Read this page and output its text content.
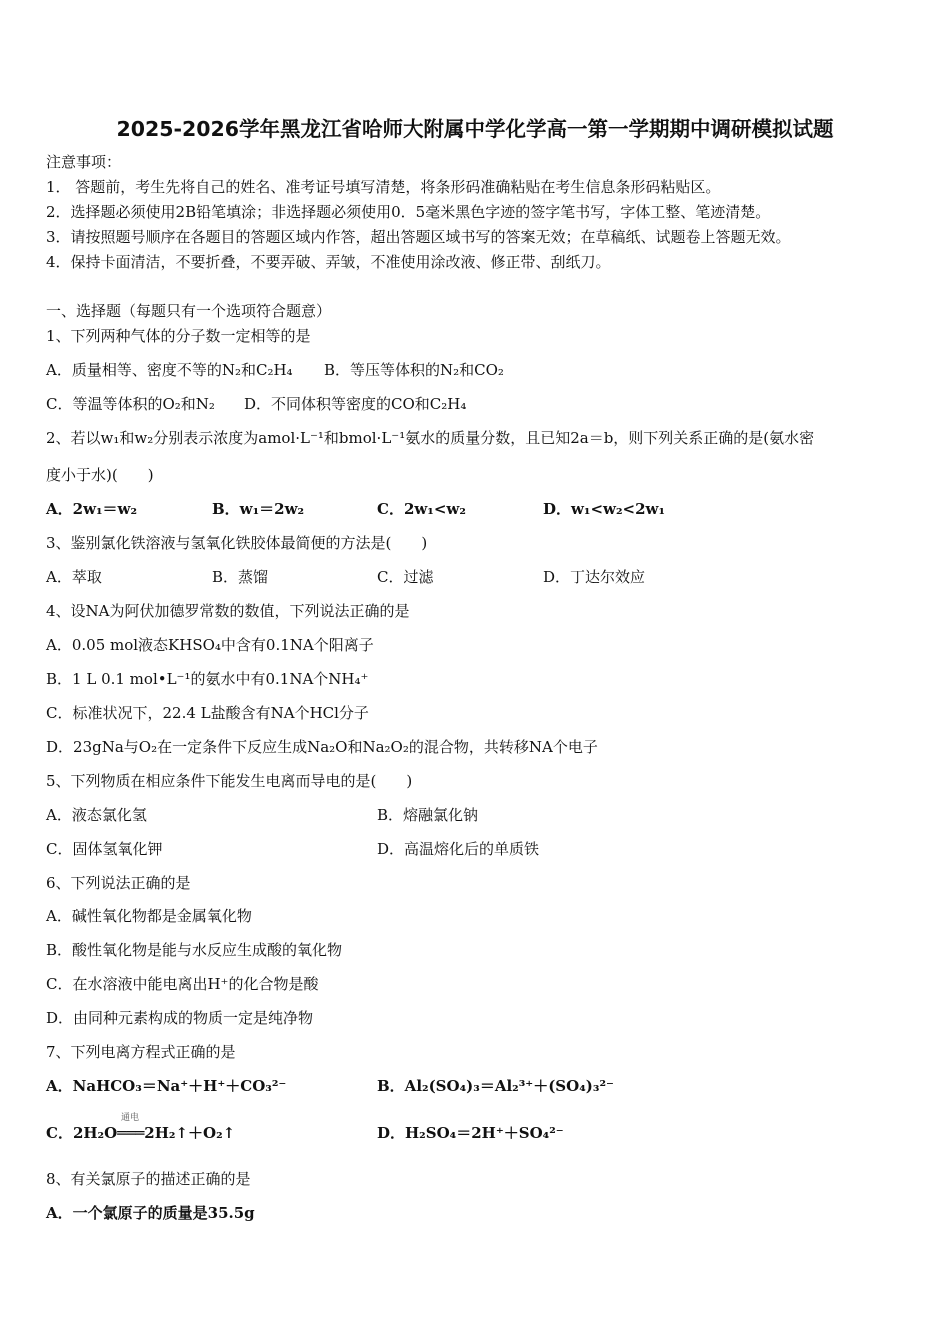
2025-2026学年黑龙江省哈师大附属中学化学高一第一学期期中调研模拟试题
注意事项：
1． 答题前，考生先将自己的姓名、准考证号填写清楚，将条形码准确粘贴在考生信息条形码粘贴区。
2．选择题必须使用2B铅笔填涂；非选择题必须使用0．5毫米黑色字迹的签字笔书写，字体工整、笔迹清楚。
3．请按照题号顺序在各题目的答题区域内作答，超出答题区域书写的答案无效；在草稿纸、试题卷上答题无效。
4．保持卡面清洁，不要折叠，不要弄破、弄皱，不准使用涂改液、修正带、刮纸刀。
一、选择题（每题只有一个选项符合题意）
1、下列两种气体的分子数一定相等的是
A．质量相等、密度不等的N₂和C₂H₄ B．等压等体积的N₂和CO₂
C．等温等体积的O₂和N₂ D．不同体积等密度的CO和C₂H₄
2、若以w₁和w₂分别表示浓度为amol·L⁻¹和bmol·L⁻¹氨水的质量分数，且已知2a＝b，则下列关系正确的是(氨水密
度小于水)(　　)
A．2w₁＝w₂	B．w₁＝2w₂	C．2w₁<w₂	D．w₁<w₂<2w₁
3、鉴别氯化铁溶液与氢氧化铁胶体最简便的方法是(　　)
A．萃取	B．蒸馏	C．过滤	D．丁达尔效应
4、设NA为阿伏加德罗常数的数值，下列说法正确的是
A．0.05 mol液态KHSO₄中含有0.1NA个阳离子
B．1 L 0.1 mol•L⁻¹的氨水中有0.1NA个NH₄⁺
C．标准状况下，22.4 L盐酸含有NA个HCl分子
D．23gNa与O₂在一定条件下反应生成Na₂O和Na₂O₂的混合物，共转移NA个电子
5、下列物质在相应条件下能发生电离而导电的是(　　)
A．液态氯化氢	B．熔融氯化钠
C．固体氢氧化钾	D．高温熔化后的单质铁
6、下列说法正确的是
A．碱性氧化物都是金属氧化物
B．酸性氧化物是能与水反应生成酸的氧化物
C．在水溶液中能电离出H⁺的化合物是酸
D．由同种元素构成的物质一定是纯净物
7、下列电离方程式正确的是
A．NaHCO₃＝Na⁺＋H⁺＋CO₃²⁻	B．Al₂(SO₄)₃＝Al₂³⁺＋(SO₄)₃²⁻
通电
C．2H₂O═══2H₂↑＋O₂↑	D．H₂SO₄＝2H⁺＋SO₄²⁻
8、有关氯原子的描述正确的是
A．一个氯原子的质量是35.5g
